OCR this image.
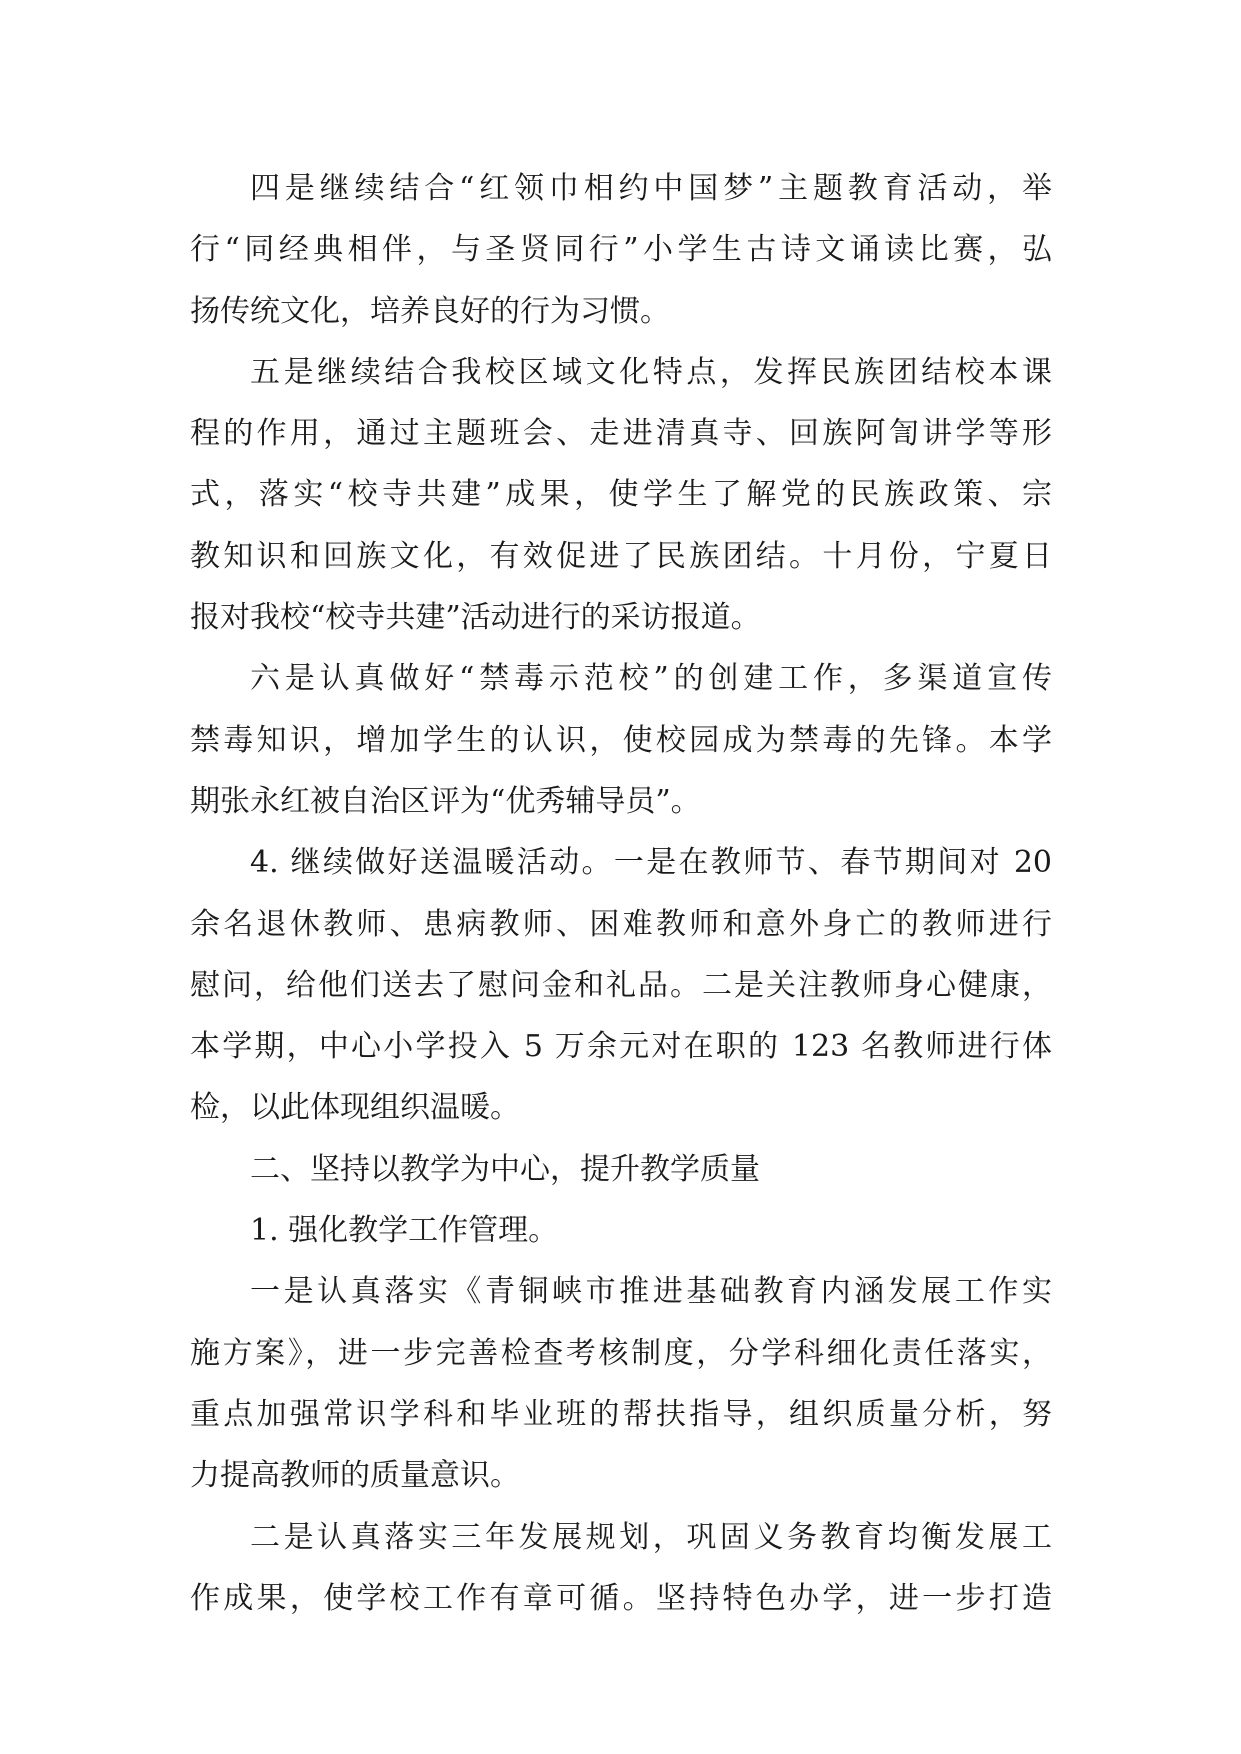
四是继续结合“红领巾相约中国梦”主题教育活动，举
行“同经典相伴，与圣贤同行”小学生古诗文诵读比赛，弘
扬传统文化，培养良好的行为习惯。
五是继续结合我校区域文化特点，发挥民族团结校本课
程的作用，通过主题班会、走进清真寺、回族阿訇讲学等形
式，落实“校寺共建”成果，使学生了解党的民族政策、宗
教知识和回族文化，有效促进了民族团结。十月份，宁夏日
报对我校“校寺共建”活动进行的采访报道。
六是认真做好“禁毒示范校”的创建工作，多渠道宣传
禁毒知识，增加学生的认识，使校园成为禁毒的先锋。本学
期张永红被自治区评为“优秀辅导员”。
4. 继续做好送温暖活动。一是在教师节、春节期间对 20
余名退休教师、患病教师、困难教师和意外身亡的教师进行
慰问，给他们送去了慰问金和礼品。二是关注教师身心健康，
本学期，中心小学投入 5 万余元对在职的 123 名教师进行体
检，以此体现组织温暖。
二、坚持以教学为中心，提升教学质量
1. 强化教学工作管理。
一是认真落实《青铜峡市推进基础教育内涵发展工作实
施方案》，进一步完善检查考核制度，分学科细化责任落实，
重点加强常识学科和毕业班的帮扶指导，组织质量分析，努
力提高教师的质量意识。
二是认真落实三年发展规划，巩固义务教育均衡发展工
作成果，使学校工作有章可循。坚持特色办学，进一步打造
